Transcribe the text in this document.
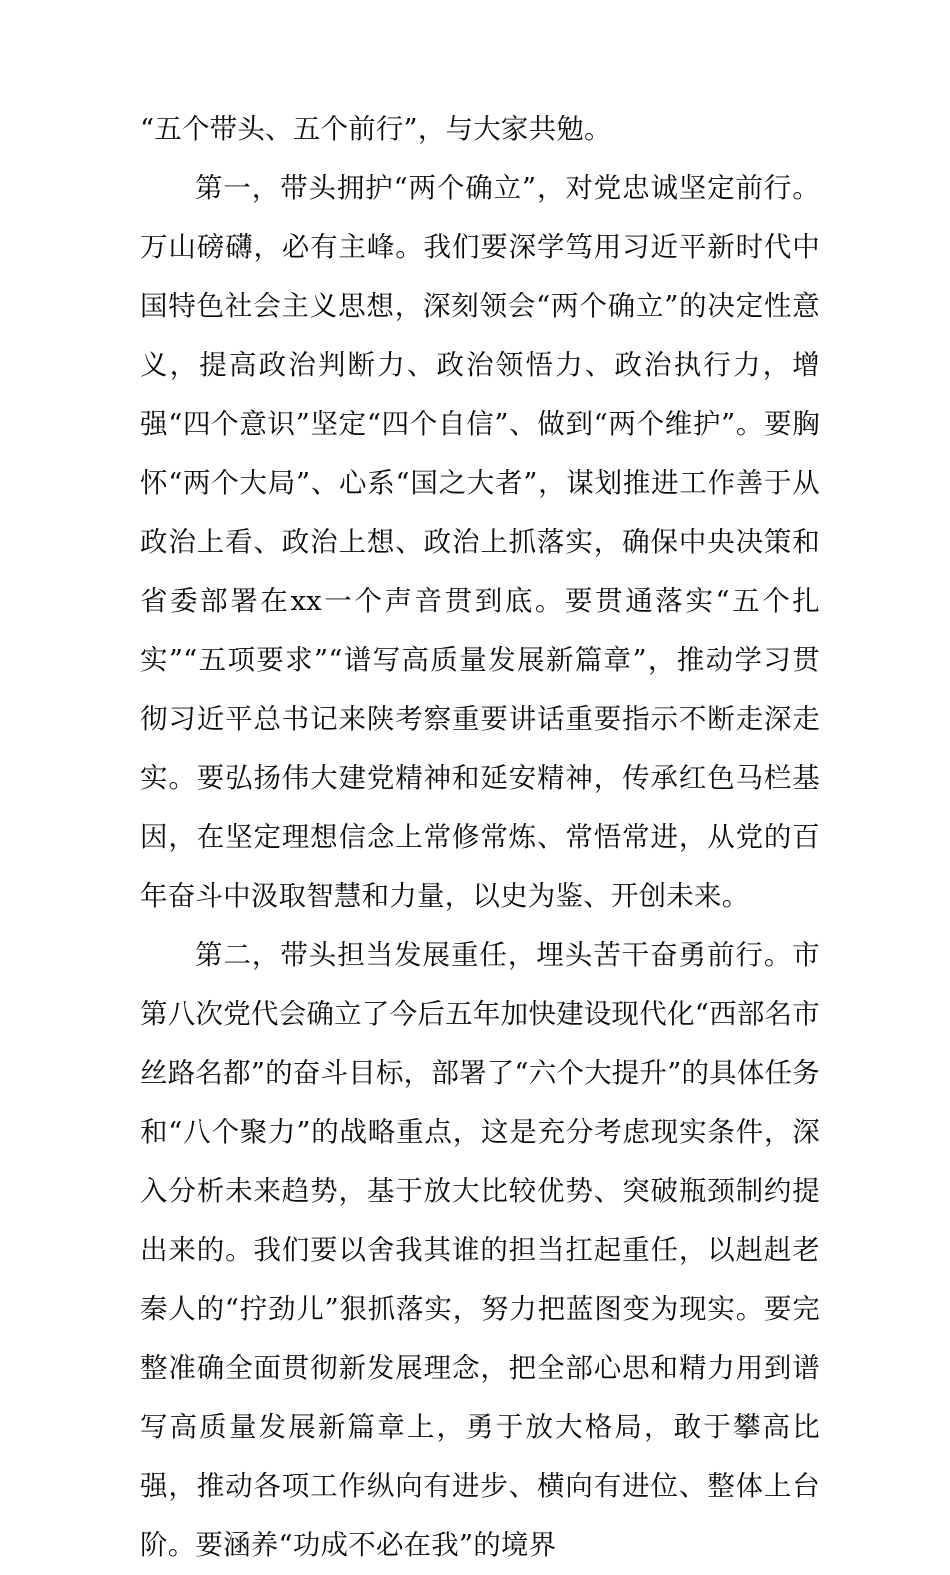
“五个带头、五个前行”，与大家共勉。

第一，带头拥护“两个确立”，对党忠诚坚定前行。万山磅礴，必有主峰。我们要深学笃用习近平新时代中国特色社会主义思想，深刻领会“两个确立”的决定性意义，提高政治判断力、政治领悟力、政治执行力，增强“四个意识”坚定“四个自信”、做到“两个维护”。要胸怀“两个大局”、心系“国之大者”，谋划推进工作善于从政治上看、政治上想、政治上抓落实，确保中央决策和省委部署在xx一个声音贯到底。要贯通落实“五个扎实”“五项要求”“谱写高质量发展新篇章”，推动学习贯彻习近平总书记来陕考察重要讲话重要指示不断走深走实。要弘扬伟大建党精神和延安精神，传承红色马栏基因，在坚定理想信念上常修常炼、常悟常进，从党的百年奋斗中汲取智慧和力量，以史为鉴、开创未来。

第二，带头担当发展重任，埋头苦干奋勇前行。市第八次党代会确立了今后五年加快建设现代化“西部名市丝路名都”的奋斗目标，部署了“六个大提升”的具体任务和“八个聚力”的战略重点，这是充分考虑现实条件，深入分析未来趋势，基于放大比较优势、突破瓶颈制约提出来的。我们要以舍我其谁的担当扛起重任，以赳赳老秦人的“拧劲儿”狠抓落实，努力把蓝图变为现实。要完整准确全面贯彻新发展理念，把全部心思和精力用到谱写高质量发展新篇章上，勇于放大格局，敢于攀高比强，推动各项工作纵向有进步、横向有进位、整体上台阶。要涵养“功成不必在我”的境界
